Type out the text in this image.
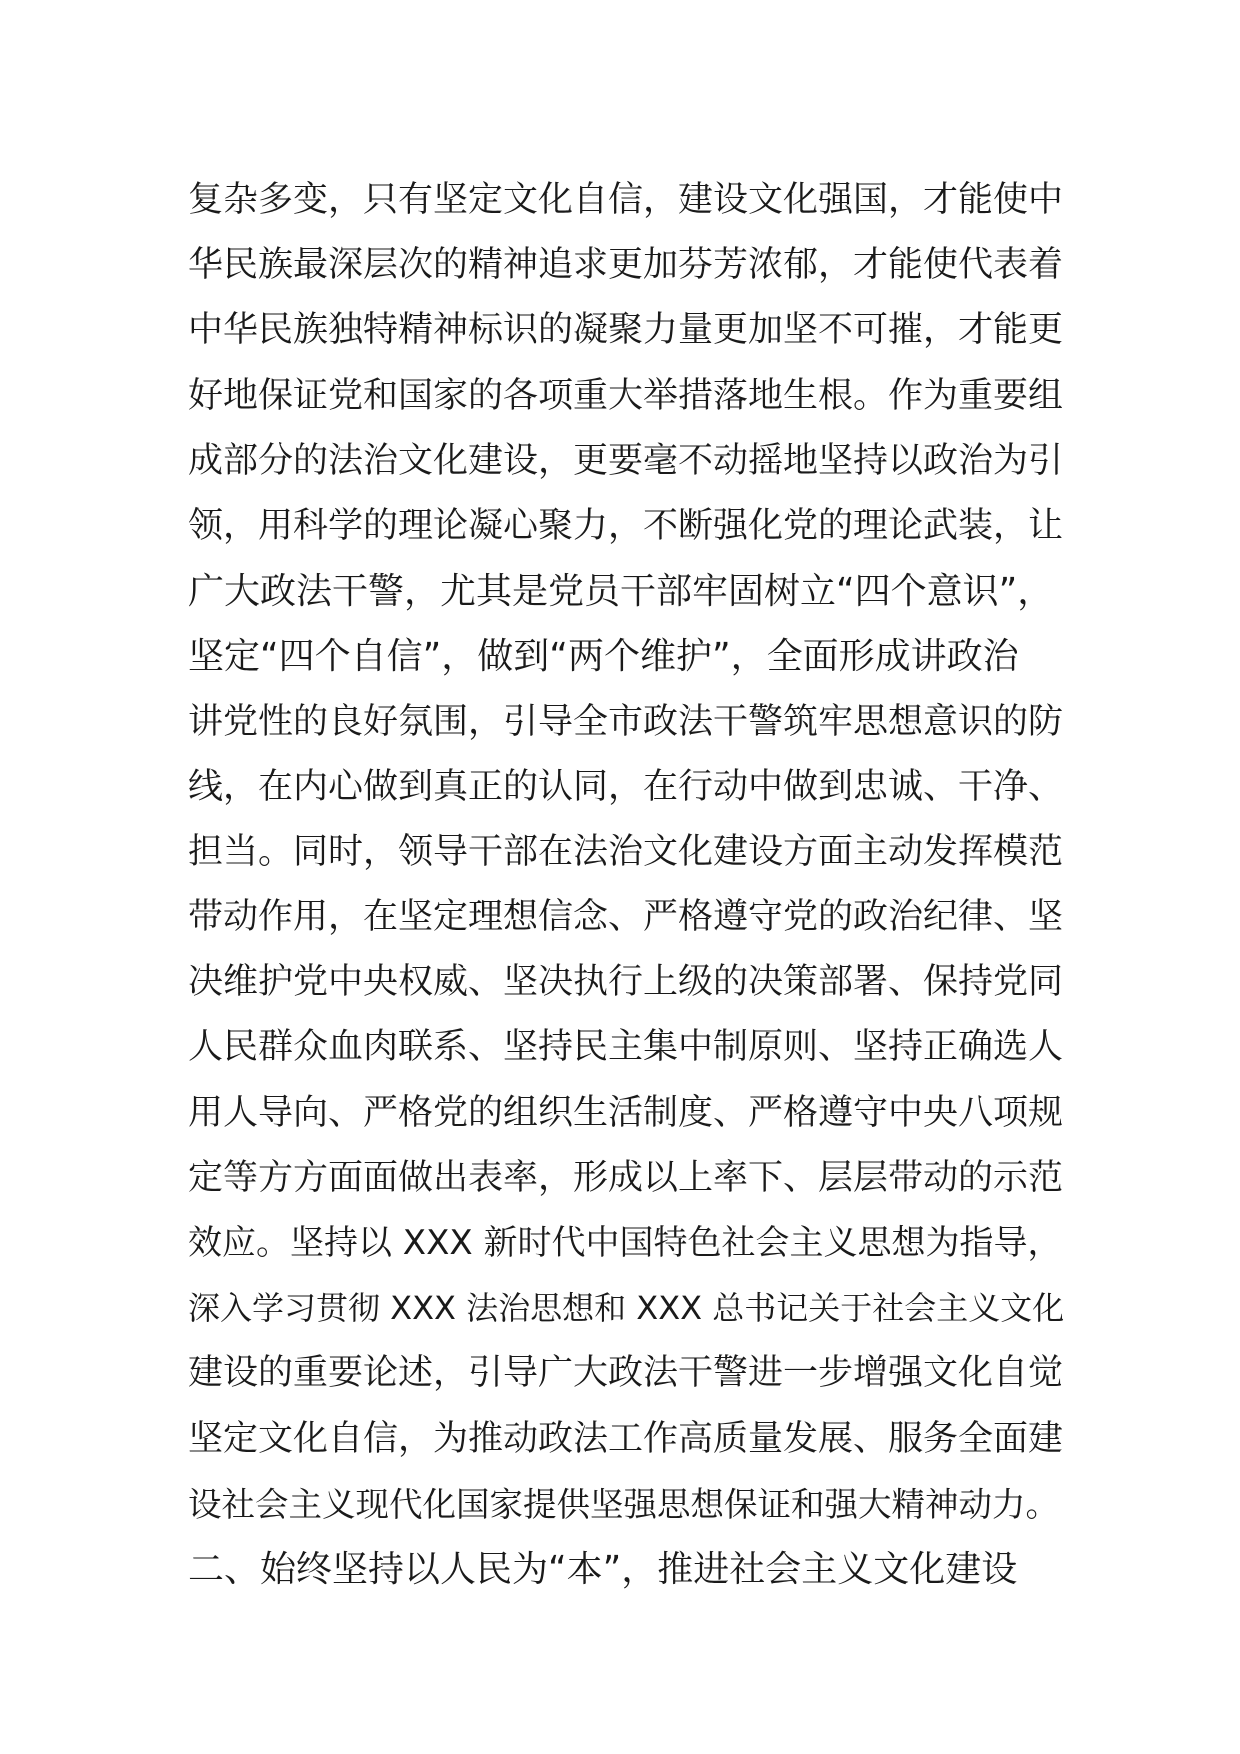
复杂多变，只有坚定文化自信，建设文化强国，才能使中
华民族最深层次的精神追求更加芬芳浓郁，才能使代表着
中华民族独特精神标识的凝聚力量更加坚不可摧，才能更
好地保证党和国家的各项重大举措落地生根。作为重要组
成部分的法治文化建设，更要毫不动摇地坚持以政治为引
领，用科学的理论凝心聚力，不断强化党的理论武装，让
广大政法干警，尤其是党员干部牢固树立“四个意识”，
坚定“四个自信”，做到“两个维护”，全面形成讲政治
讲党性的良好氛围，引导全市政法干警筑牢思想意识的防
线，在内心做到真正的认同，在行动中做到忠诚、干净、
担当。同时，领导干部在法治文化建设方面主动发挥模范
带动作用，在坚定理想信念、严格遵守党的政治纪律、坚
决维护党中央权威、坚决执行上级的决策部署、保持党同
人民群众血肉联系、坚持民主集中制原则、坚持正确选人
用人导向、严格党的组织生活制度、严格遵守中央八项规
定等方方面面做出表率，形成以上率下、层层带动的示范
效应。坚持以 XXX 新时代中国特色社会主义思想为指导，
深入学习贯彻 XXX 法治思想和 XXX 总书记关于社会主义文化
建设的重要论述，引导广大政法干警进一步增强文化自觉
坚定文化自信，为推动政法工作高质量发展、服务全面建
设社会主义现代化国家提供坚强思想保证和强大精神动力。
二、始终坚持以人民为“本”，推进社会主义文化建设
